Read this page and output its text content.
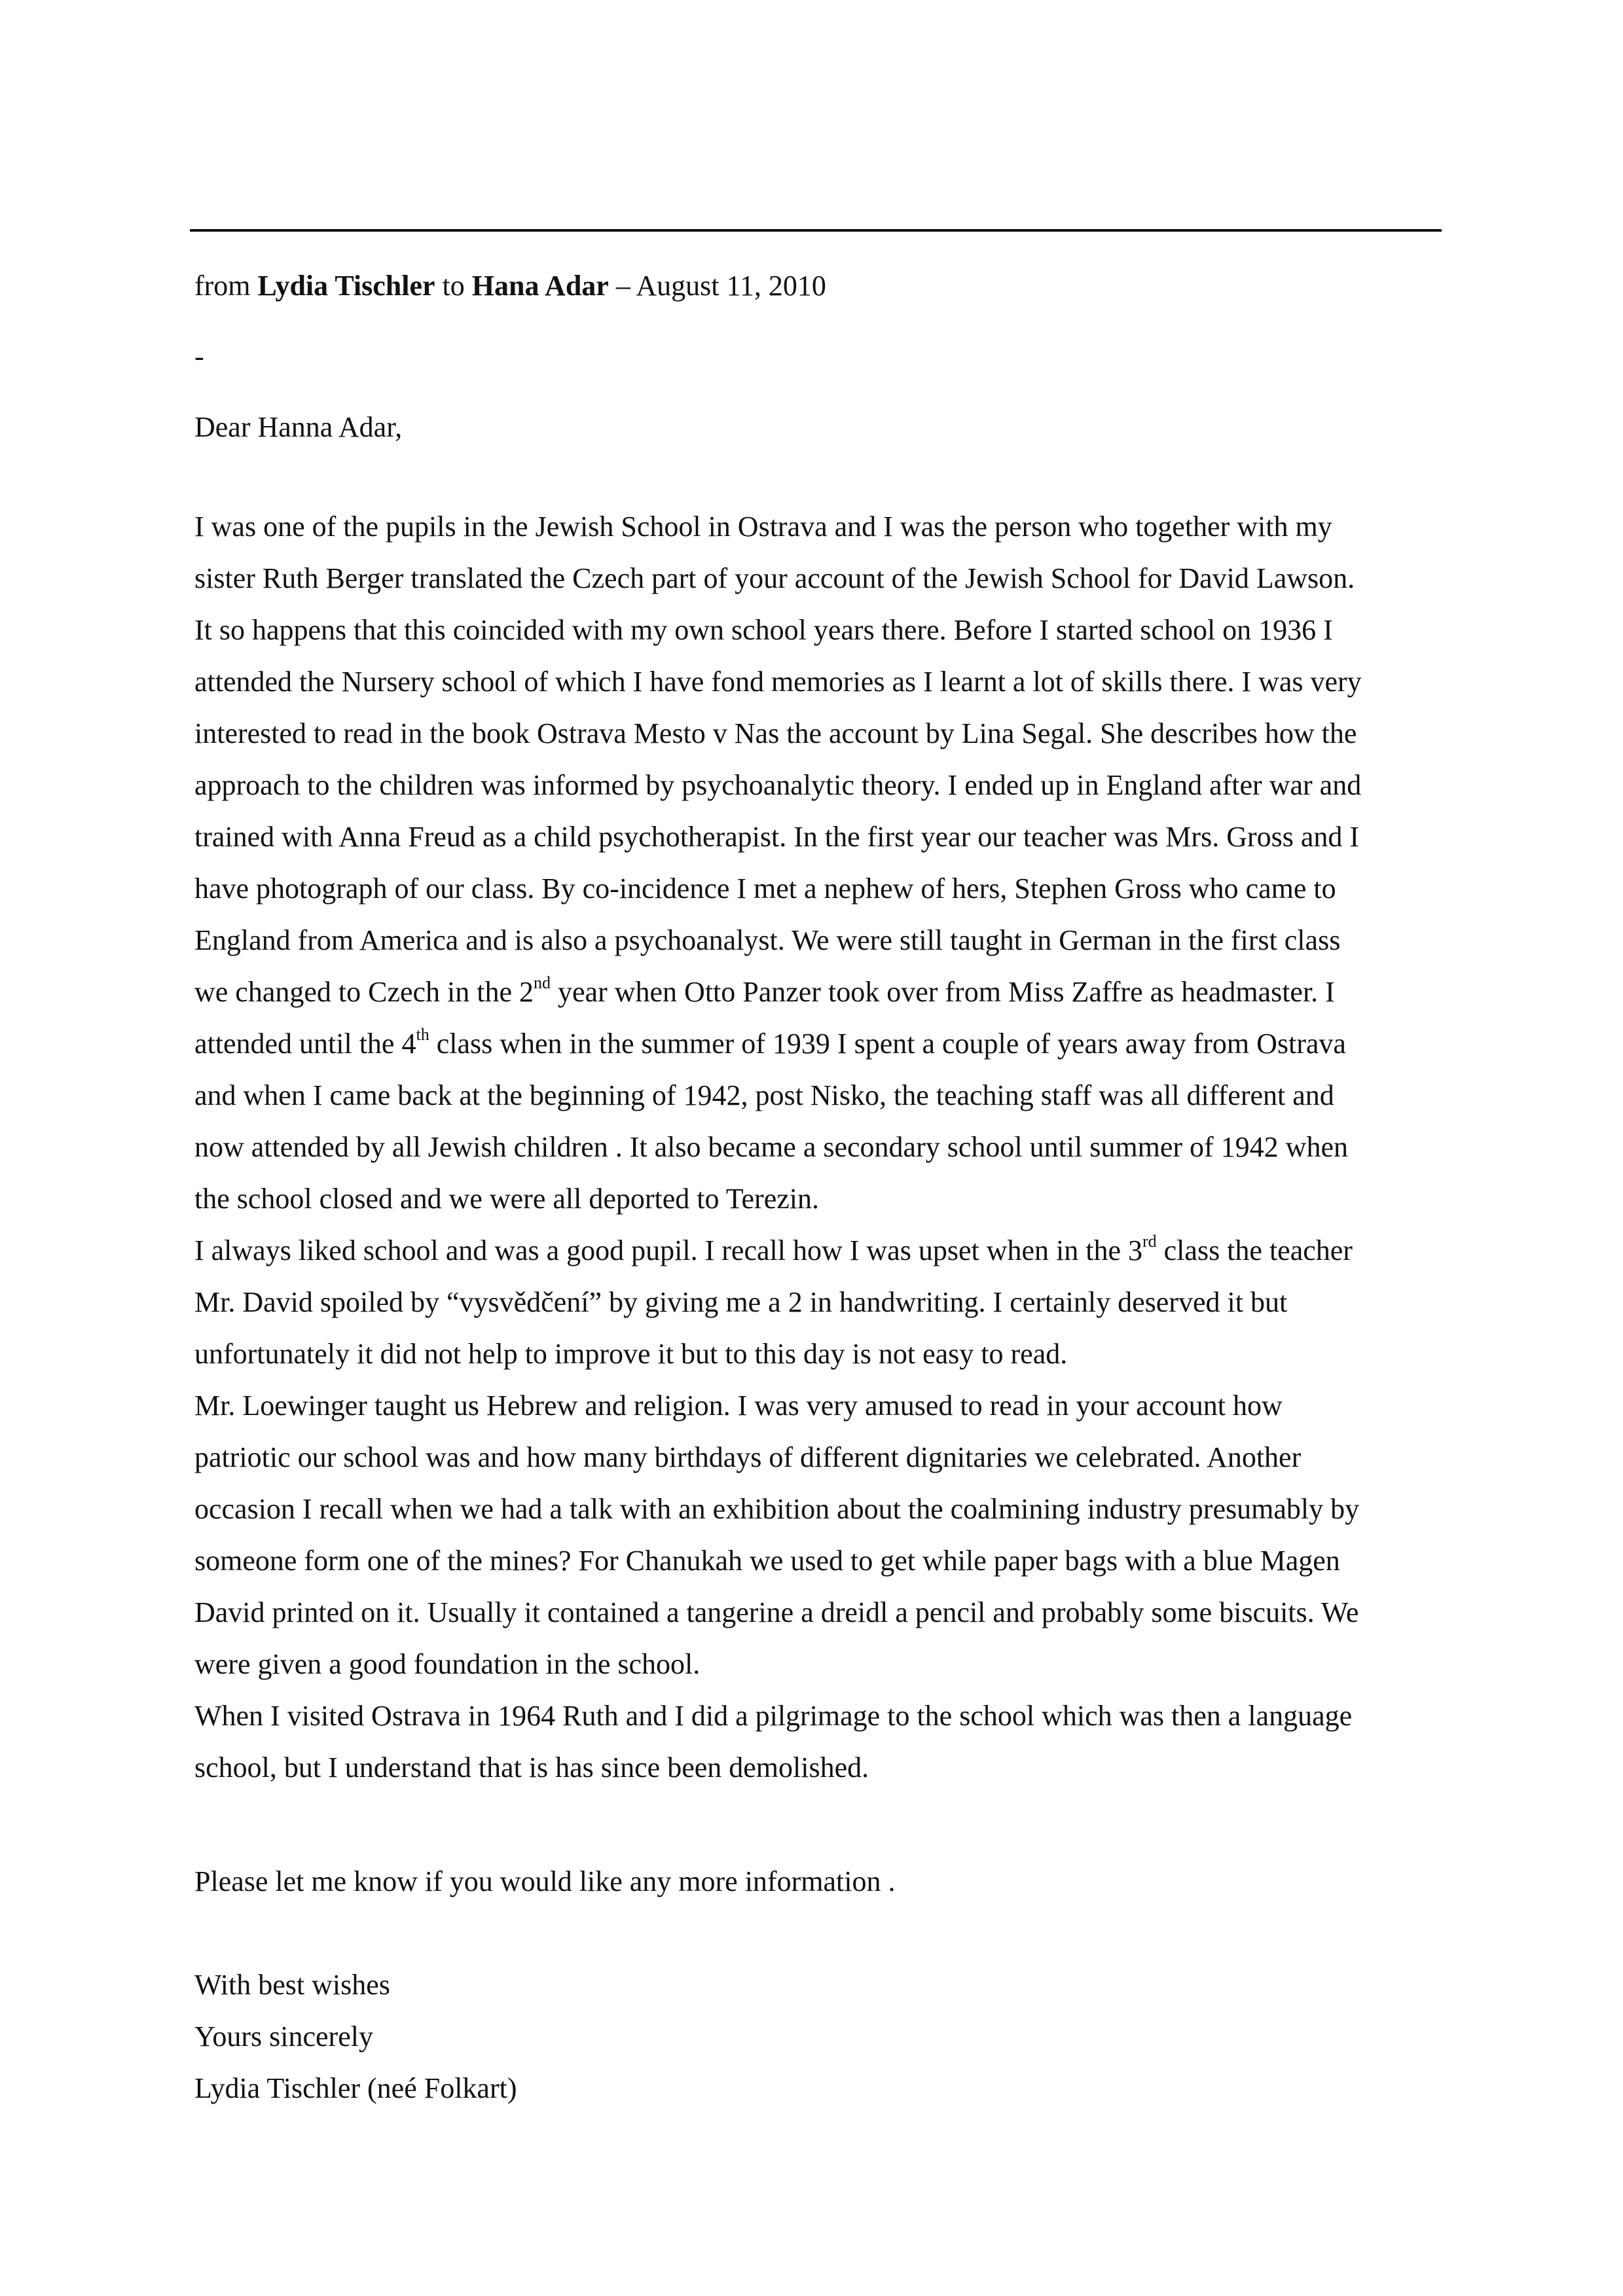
from Lydia Tischler to Hana Adar – August 11, 2010

-

Dear Hanna Adar,

I was one of the pupils in the Jewish School in Ostrava and I was the person who together with my
sister Ruth Berger translated the Czech part of your account of the Jewish School for David Lawson.
It so happens that this coincided with my own school years there. Before I started school on 1936 I
attended the Nursery school of which I have fond memories as I learnt a lot of skills there. I was very
interested to read in the book Ostrava Mesto v Nas the account by Lina Segal. She describes how the
approach to the children was informed by psychoanalytic theory. I ended up in England after war and
trained with Anna Freud as a child psychotherapist. In the first year our teacher was Mrs. Gross and I
have photograph of our class. By co-incidence I met a nephew of hers, Stephen Gross who came to
England from America and is also a psychoanalyst. We were still taught in German in the first class
we changed to Czech in the 2nd year when Otto Panzer took over from Miss Zaffre as headmaster. I
attended until the 4th class when in the summer of 1939 I spent a couple of years away from Ostrava
and when I came back at the beginning of 1942, post Nisko, the teaching staff was all different and
now attended by all Jewish children . It also became a secondary school until summer of 1942 when
the school closed and we were all deported to Terezin.
I always liked school and was a good pupil. I recall how I was upset when in the 3rd class the teacher
Mr. David spoiled by “vysvědčení” by giving me a 2 in handwriting. I certainly deserved it but
unfortunately it did not help to improve it but to this day is not easy to read.
Mr. Loewinger taught us Hebrew and religion. I was very amused to read in your account how
patriotic our school was and how many birthdays of different dignitaries we celebrated. Another
occasion I recall when we had a talk with an exhibition about the coalmining industry presumably by
someone form one of the mines? For Chanukah we used to get while paper bags with a blue Magen
David printed on it. Usually it contained a tangerine a dreidl a pencil and probably some biscuits. We
were given a good foundation in the school.
When I visited Ostrava in 1964 Ruth and I did a pilgrimage to the school which was then a language
school, but I understand that is has since been demolished.

Please let me know if you would like any more information .

With best wishes

Yours sincerely

Lydia Tischler (neé Folkart)
